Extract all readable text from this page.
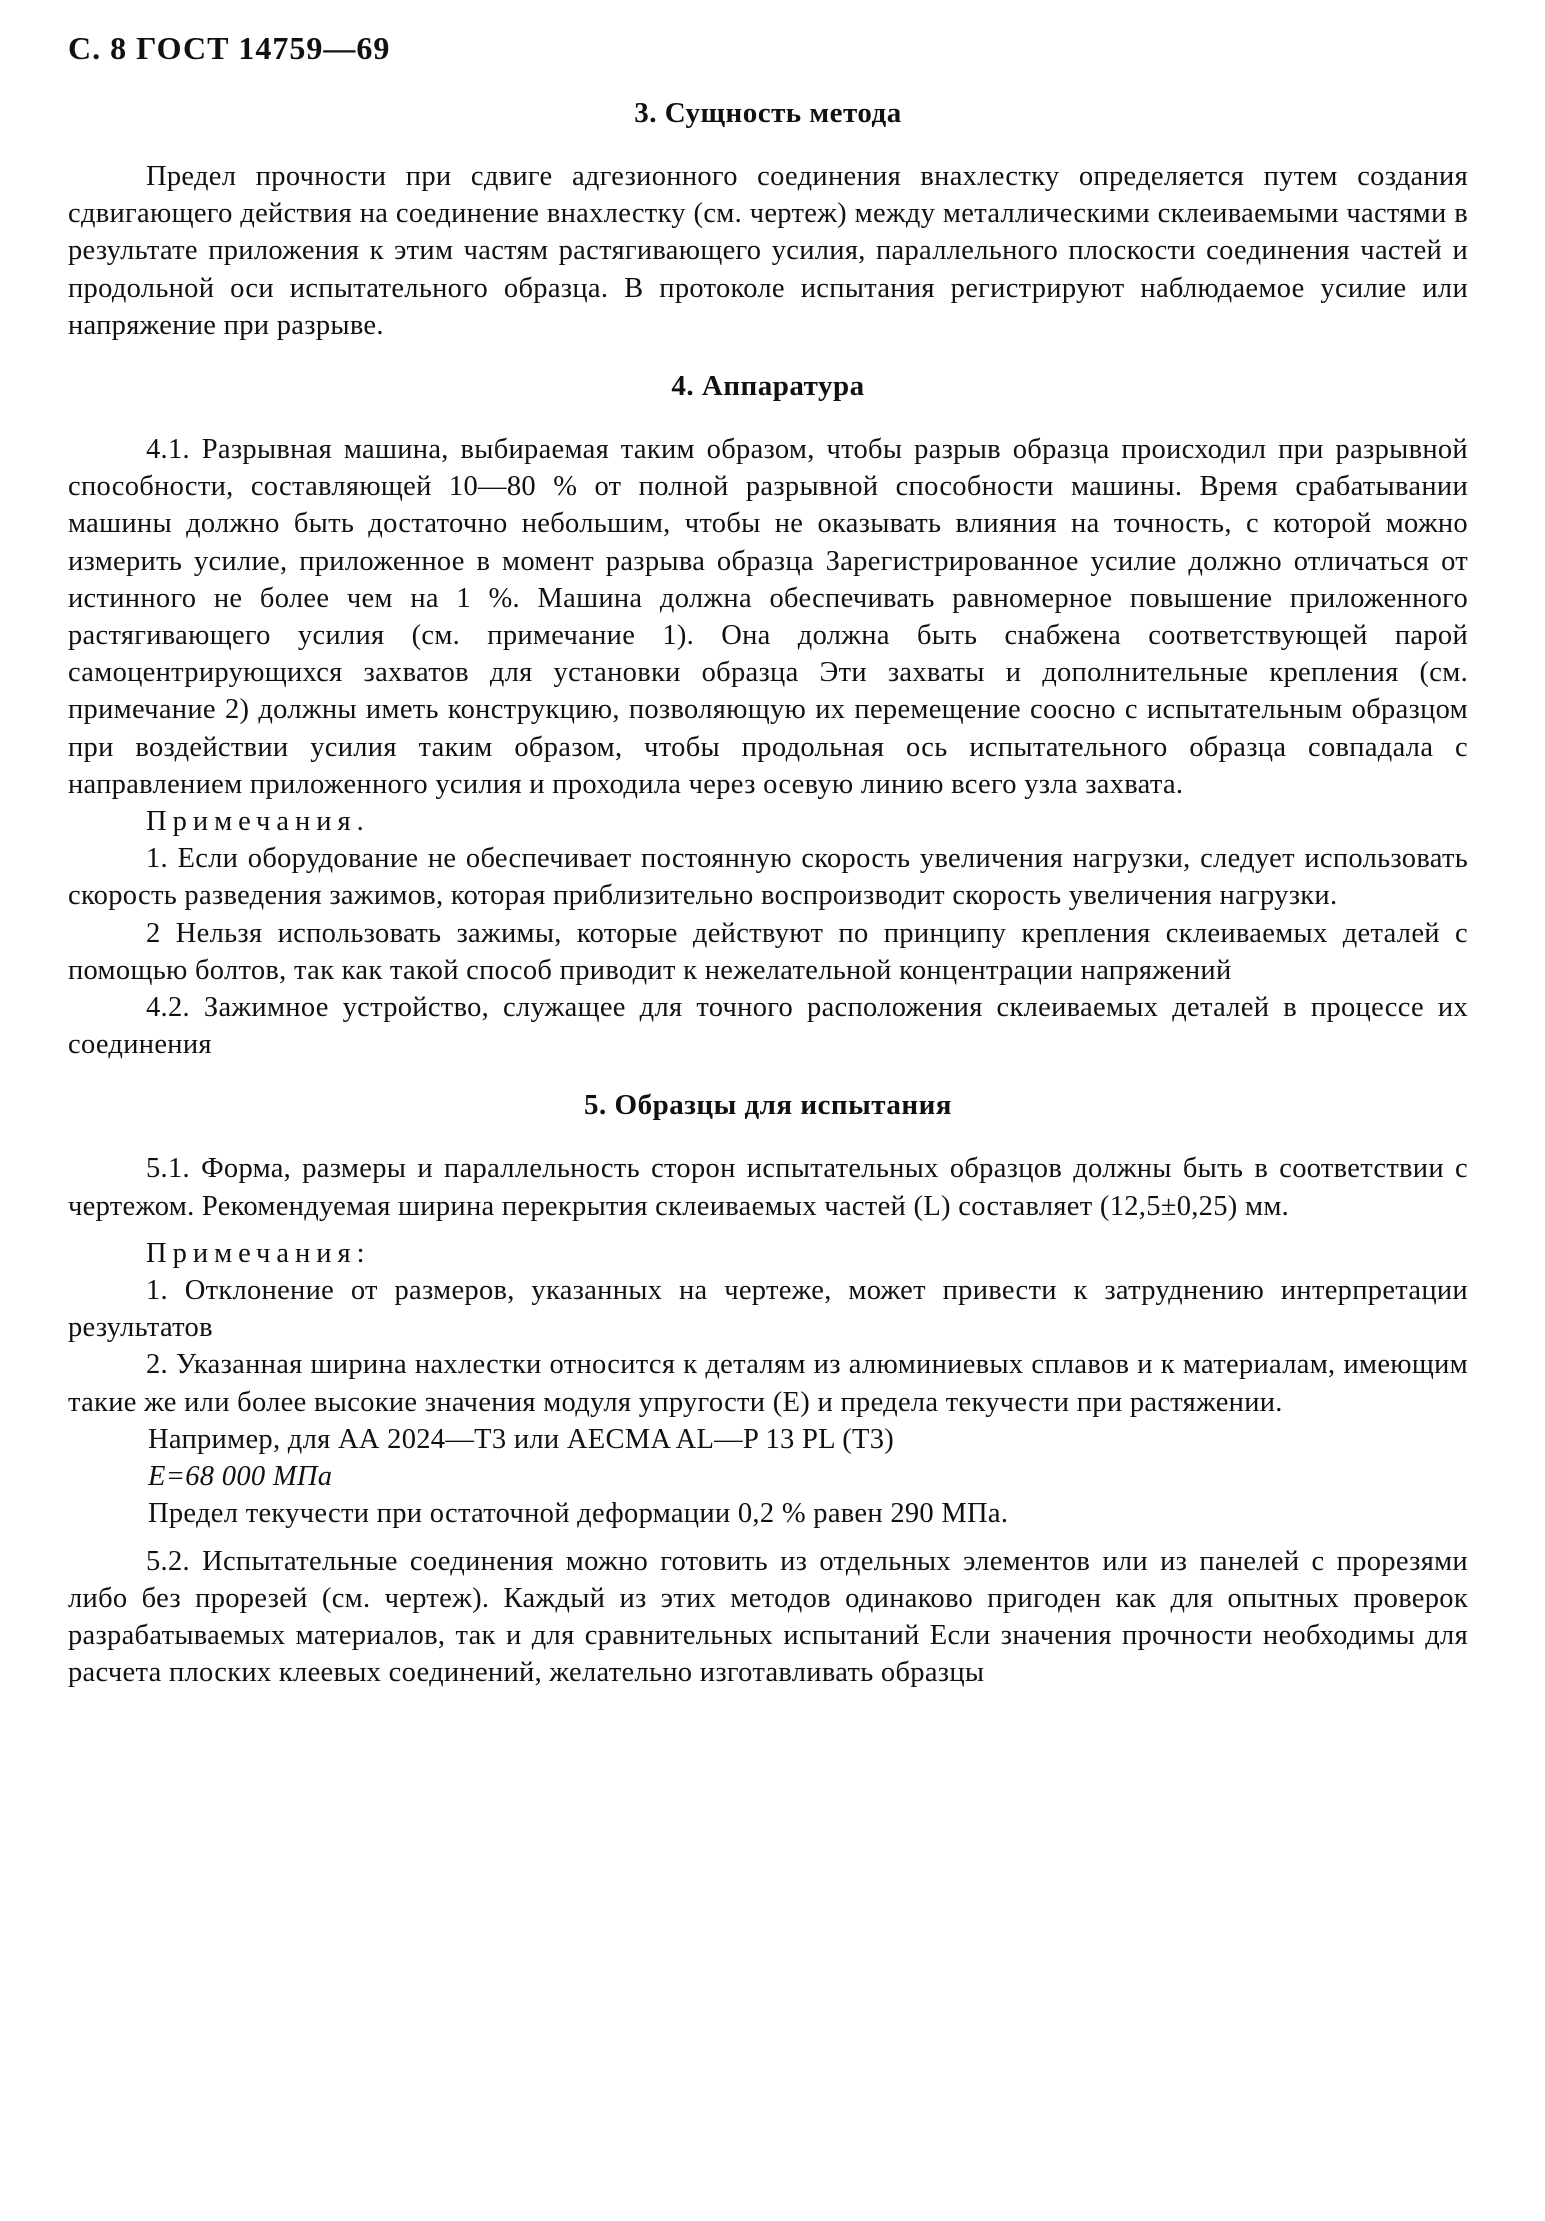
С. 8 ГОСТ 14759—69
3. Сущность метода

Предел прочности при сдвиге адгезионного соединения внахлестку определяется путем создания сдвигающего действия на соединение внахлестку (см. чертеж) между металлическими склеиваемыми частями в результате приложения к этим частям растягивающего усилия, параллельного плоскости соединения частей и продольной оси испытательного образца. В протоколе испытания регистрируют наблюдаемое усилие или напряжение при разрыве.

4. Аппаратура

4.1. Разрывная машина, выбираемая таким образом, чтобы разрыв образца происходил при разрывной способности, составляющей 10—80 % от полной разрывной способности машины. Время срабатывании машины должно быть достаточно небольшим, чтобы не оказывать влияния на точность, с которой можно измерить усилие, приложенное в момент разрыва образца Зарегистрированное усилие должно отличаться от истинного не более чем на 1 %. Машина должна обеспечивать равномерное повышение приложенного растягивающего усилия (см. примечание 1). Она должна быть снабжена соответствующей парой самоцентрирующихся захватов для установки образца Эти захваты и дополнительные крепления (см. примечание 2) должны иметь конструкцию, позволяющую их перемещение соосно с испытательным образцом при воздействии усилия таким образом, чтобы продольная ось испытательного образца совпадала с направлением приложенного усилия и проходила через осевую линию всего узла захвата.

Примечания.

1. Если оборудование не обеспечивает постоянную скорость увеличения нагрузки, следует использовать скорость разведения зажимов, которая приблизительно воспроизводит скорость увеличения нагрузки.

2 Нельзя использовать зажимы, которые действуют по принципу крепления склеиваемых деталей с помощью болтов, так как такой способ приводит к нежелательной концентрации напряжений

4.2. Зажимное устройство, служащее для точного расположения склеиваемых деталей в процессе их соединения

5. Образцы для испытания

5.1. Форма, размеры и параллельность сторон испытательных образцов должны быть в соответствии с чертежом. Рекомендуемая ширина перекрытия склеиваемых частей (L) составляет (12,5±0,25) мм.

Примечания:

1. Отклонение от размеров, указанных на чертеже, может привести к затруднению интерпретации результатов

2. Указанная ширина нахлестки относится к деталям из алюминиевых сплавов и к материалам, имеющим такие же или более высокие значения модуля упругости (E) и предела текучести при растяжении.

Например, для АА 2024—Т3 или AECMA AL—P 13 PL (Т3)

E=68 000 МПа

Предел текучести при остаточной деформации 0,2 % равен 290 МПа.

5.2. Испытательные соединения можно готовить из отдельных элементов или из панелей с прорезями либо без прорезей (см. чертеж). Каждый из этих методов одинаково пригоден как для опытных проверок разрабатываемых материалов, так и для сравнительных испытаний Если значения прочности необходимы для расчета плоских клеевых соединений, желательно изготавливать образцы
